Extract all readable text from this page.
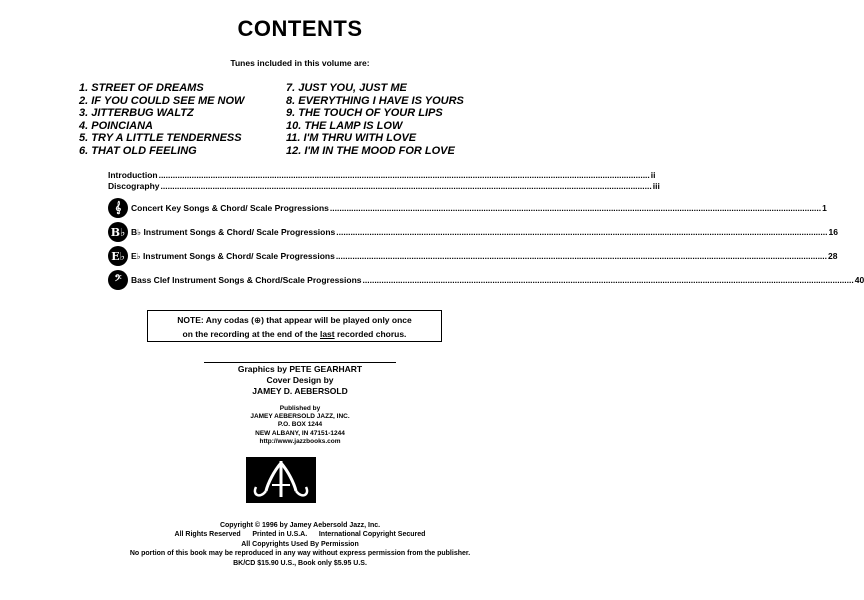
CONTENTS
Tunes included in this volume are:
1. STREET OF DREAMS
2. IF YOU COULD SEE ME NOW
3. JITTERBUG WALTZ
4. POINCIANA
5. TRY A LITTLE TENDERNESS
6. THAT OLD FEELING
7. JUST YOU, JUST ME
8. EVERYTHING I HAVE IS YOURS
9. THE TOUCH OF YOUR LIPS
10. THE LAMP IS LOW
11. I'M THRU WITH LOVE
12. I'M IN THE MOOD FOR LOVE
Introduction .....	ii
Discography .....	iii
𝄞	Concert Key Songs & Chord/ Scale Progressions .....	1
B♭ B♭ Instrument Songs & Chord/ Scale Progressions .....	16
E♭ E♭ Instrument Songs & Chord/ Scale Progressions .....	28
𝄢	Bass Clef Instrument Songs & Chord/Scale Progressions .....	40
NOTE: Any codas (⊕) that appear will be played only once
on the recording at the end of the last recorded chorus.
Graphics by PETE GEARHART
Cover Design by
JAMEY D. AEBERSOLD
Published by
JAMEY AEBERSOLD JAZZ, INC.
P.O. BOX 1244
NEW ALBANY, IN 47151-1244
http://www.jazzbooks.com
Copyright © 1996 by Jamey Aebersold Jazz, Inc.
All Rights Reserved      Printed in U.S.A.      International Copyright Secured
All Copyrights Used By Permission
No portion of this book may be reproduced in any way without express permission from the publisher.
BK/CD $15.90 U.S., Book only $5.95 U.S.
